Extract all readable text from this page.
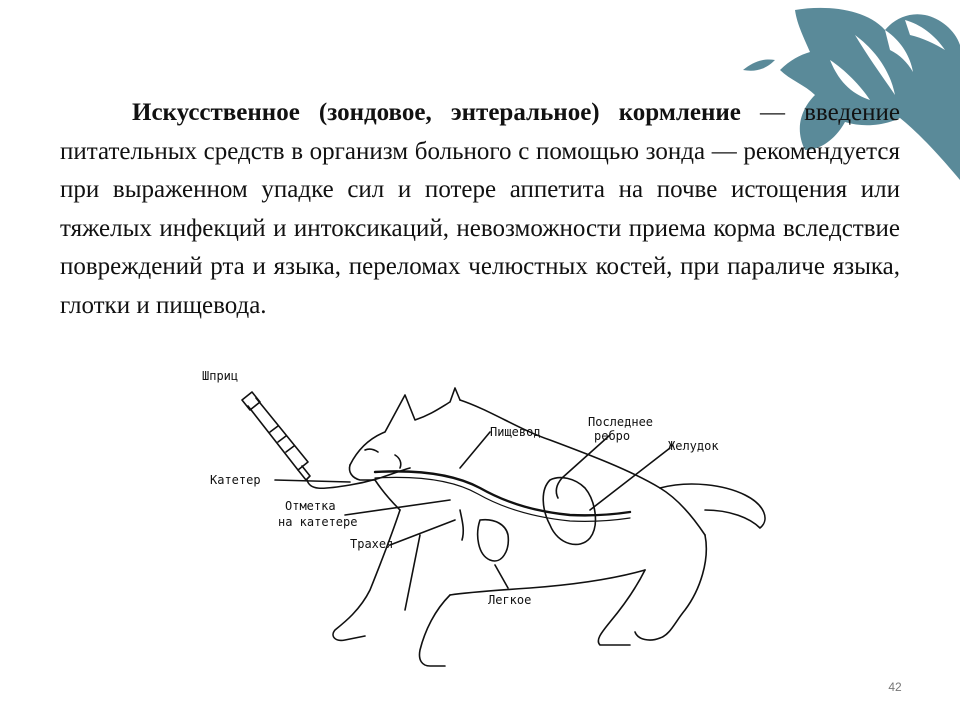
Искусственное (зондовое, энтеральное) кормление — введение питательных средств в организм больного с помощью зонда — рекомендуется при выраженном упадке сил и потере аппетита на почве истощения или тяжелых инфекций и интоксикаций, невозможности приема корма вследствие повреждений рта и языка, переломах челюстных костей, при параличе языка, глотки и пищевода.

Шприц
Катетер
Отметка
на катетере
Трахея
Пищевод
Последнее
ребро
Желудок
Легкое
42
